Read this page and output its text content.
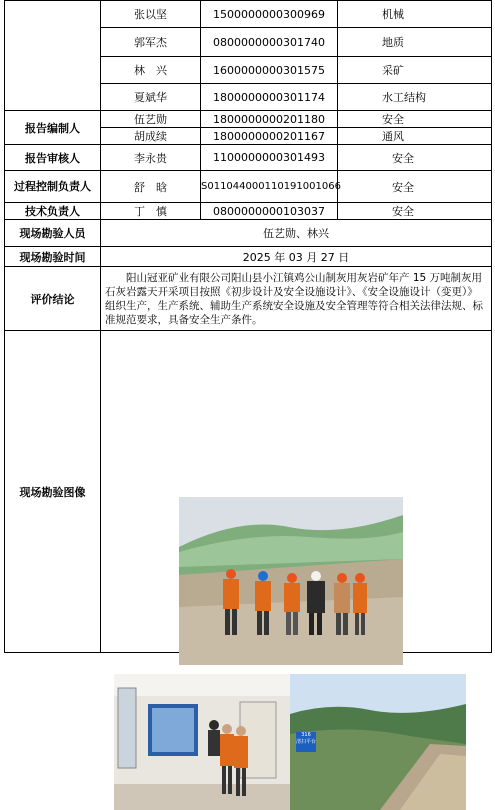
	张以坚	1500000000300969	机械
	郭军杰	0800000000301740	地质
	林　兴	1600000000301575	采矿
	夏斌华	1800000000301174	水工结构
报告编制人	伍艺勋	1800000000201180	安全
	胡成续	1800000000201167	通风
报告审核人	李永贵	1100000000301493	安全
过程控制负责人	舒　晗	S011044000110191001066	安全
技术负责人	丁　慎	0800000000103037	安全
现场勘验人员	伍艺勋、林兴		
现场勘验时间	2025 年 03 月 27 日		
评价结论	阳山冠亚矿业有限公司阳山县小江镇鸡公山制灰用灰岩矿年产 15 万吨制灰用石灰岩露天开采项目按照《初步设计及安全设施设计》、《安全设施设计（变更）》组织生产，生产系统、辅助生产系统安全设施及安全管理等符合相关法律法规、标准规范要求，具备安全生产条件。		
现场勘验图像	316
清扫平台		
